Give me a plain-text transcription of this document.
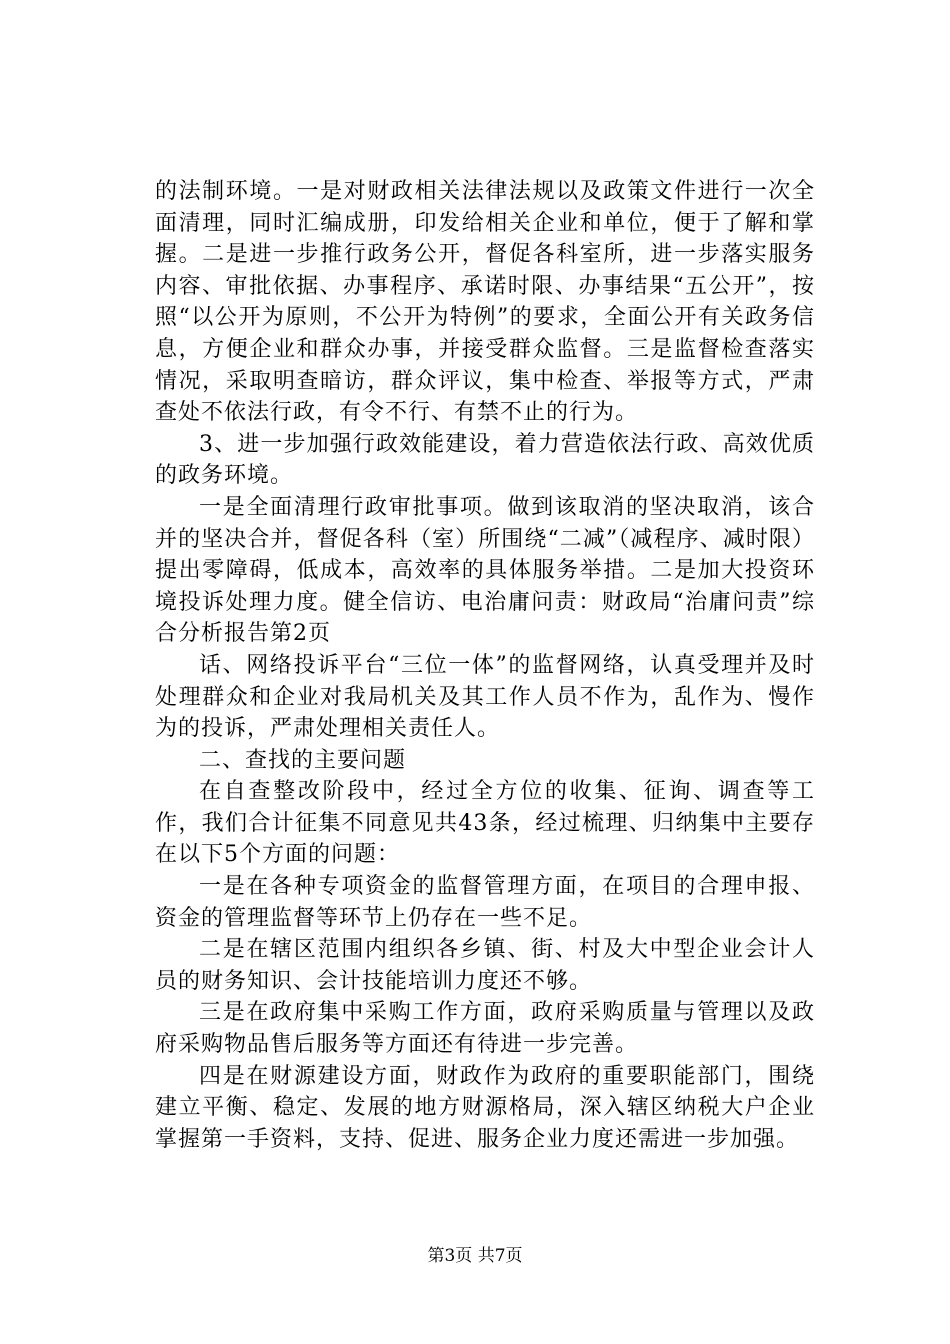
的法制环境。一是对财政相关法律法规以及政策文件进行一次全面清理，同时汇编成册，印发给相关企业和单位，便于了解和掌握。二是进一步推行政务公开，督促各科室所，进一步落实服务内容、审批依据、办事程序、承诺时限、办事结果“五公开”，按照“以公开为原则，不公开为特例”的要求，全面公开有关政务信息，方便企业和群众办事，并接受群众监督。三是监督检查落实情况，采取明查暗访，群众评议，集中检查、举报等方式，严肃查处不依法行政，有令不行、有禁不止的行为。

3、进一步加强行政效能建设，着力营造依法行政、高效优质的政务环境。

一是全面清理行政审批事项。做到该取消的坚决取消，该合并的坚决合并，督促各科（室）所围绕“二减”（减程序、减时限）提出零障碍，低成本，高效率的具体服务举措。二是加大投资环境投诉处理力度。健全信访、电治庸问责：财政局“治庸问责”综合分析报告第2页

话、网络投诉平台“三位一体”的监督网络，认真受理并及时处理群众和企业对我局机关及其工作人员不作为，乱作为、慢作为的投诉，严肃处理相关责任人。

二、查找的主要问题

在自查整改阶段中，经过全方位的收集、征询、调查等工作，我们合计征集不同意见共43条，经过梳理、归纳集中主要存在以下5个方面的问题：

一是在各种专项资金的监督管理方面，在项目的合理申报、资金的管理监督等环节上仍存在一些不足。

二是在辖区范围内组织各乡镇、街、村及大中型企业会计人员的财务知识、会计技能培训力度还不够。

三是在政府集中采购工作方面，政府采购质量与管理以及政府采购物品售后服务等方面还有待进一步完善。

四是在财源建设方面，财政作为政府的重要职能部门，围绕建立平衡、稳定、发展的地方财源格局，深入辖区纳税大户企业掌握第一手资料，支持、促进、服务企业力度还需进一步加强。

第3页 共7页
